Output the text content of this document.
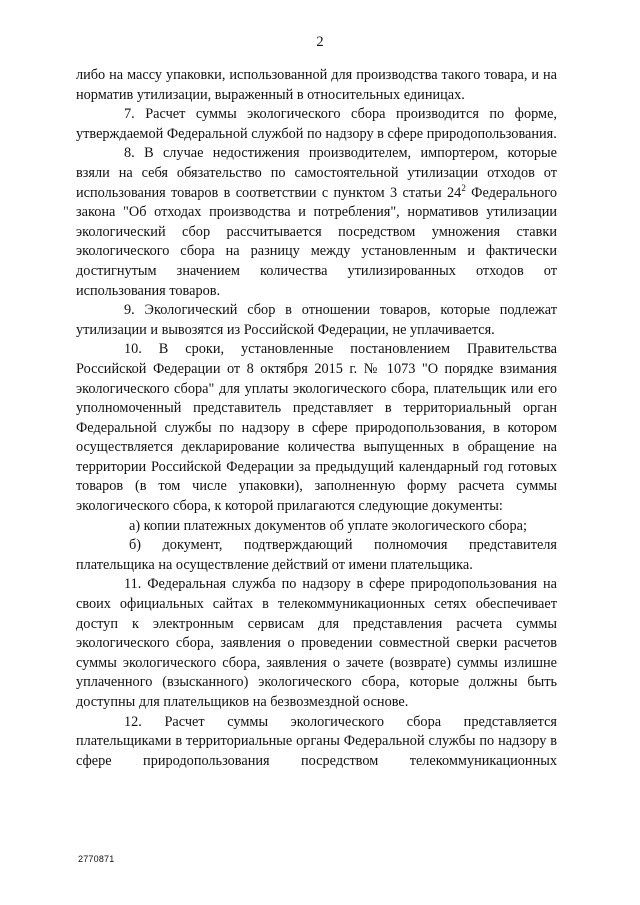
2

либо на массу упаковки, использованной для производства такого товара, и на норматив утилизации, выраженный в относительных единицах.

7. Расчет суммы экологического сбора производится по форме, утверждаемой Федеральной службой по надзору в сфере природопользования.

8. В случае недостижения производителем, импортером, которые взяли на себя обязательство по самостоятельной утилизации отходов от использования товаров в соответствии с пунктом 3 статьи $24^2$ Федерального закона "Об отходах производства и потребления", нормативов утилизации экологический сбор рассчитывается посредством умножения ставки экологического сбора на разницу между установленным и фактически достигнутым значением количества утилизированных отходов от использования товаров.

9. Экологический сбор в отношении товаров, которые подлежат утилизации и вывозятся из Российской Федерации, не уплачивается.

10. В сроки, установленные постановлением Правительства Российской Федерации от 8 октября 2015 г. № 1073 "О порядке взимания экологического сбора" для уплаты экологического сбора, плательщик или его уполномоченный представитель представляет в территориальный орган Федеральной службы по надзору в сфере природопользования, в котором осуществляется декларирование количества выпущенных в обращение на территории Российской Федерации за предыдущий календарный год готовых товаров (в том числе упаковки), заполненную форму расчета суммы экологического сбора, к которой прилагаются следующие документы:

а) копии платежных документов об уплате экологического сбора;

б) документ, подтверждающий полномочия представителя плательщика на осуществление действий от имени плательщика.

11. Федеральная служба по надзору в сфере природопользования на своих официальных сайтах в телекоммуникационных сетях обеспечивает доступ к электронным сервисам для представления расчета суммы экологического сбора, заявления о проведении совместной сверки расчетов суммы экологического сбора, заявления о зачете (возврате) суммы излишне уплаченного (взысканного) экологического сбора, которые должны быть доступны для плательщиков на безвозмездной основе.

12. Расчет суммы экологического сбора представляется плательщиками в территориальные органы Федеральной службы по надзору в сфере природопользования посредством телекоммуникационных

2770871
